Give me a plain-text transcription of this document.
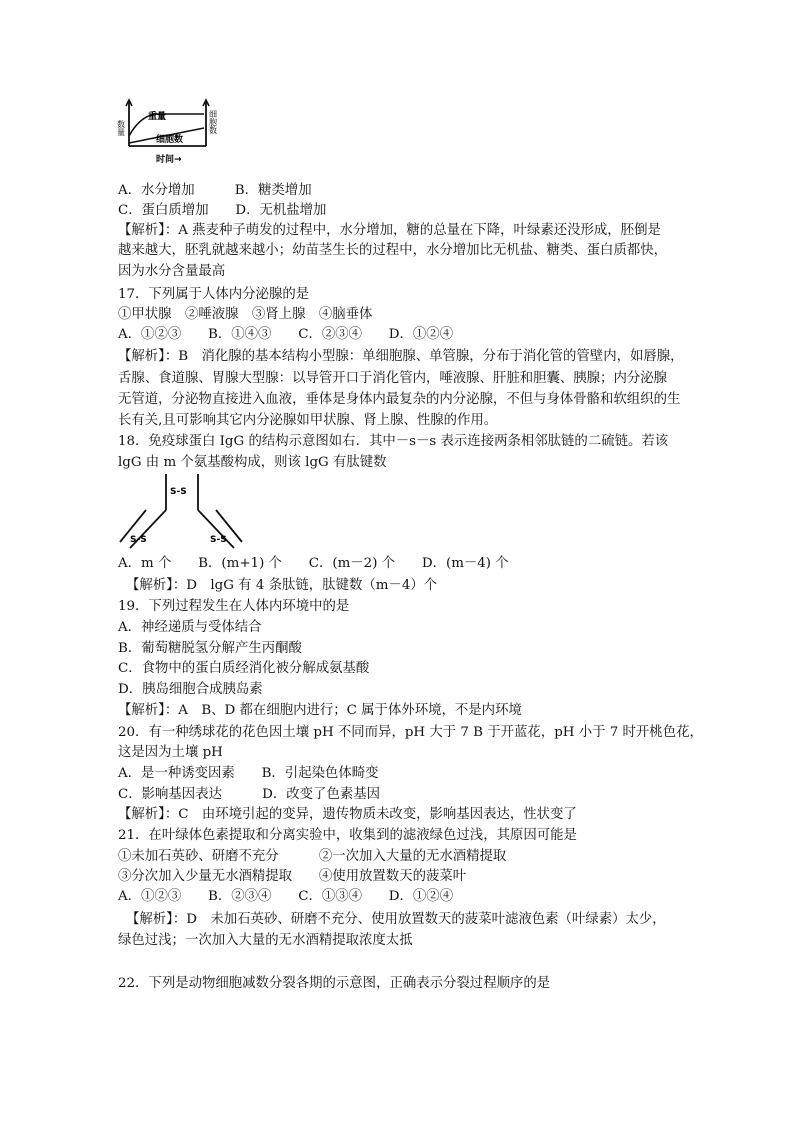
重量
细胞数
数量	细胞数
时间→
A．水分增加　　　B．糖类增加
C．蛋白质增加　　D．无机盐增加
【解析】：A 燕麦种子萌发的过程中，水分增加，糖的总量在下降，叶绿素还没形成，胚倒是
越来越大，胚乳就越来越小；幼苗茎生长的过程中，水分增加比无机盐、糖类、蛋白质都快，
因为水分含量最高
17．下列属于人体内分泌腺的是
①甲状腺　②唾液腺　③肾上腺　④脑垂体
A．①②③　　B．①④③　　C．②③④　　D．①②④
【解析】：B　消化腺的基本结构小型腺：单细胞腺、单管腺，分布于消化管的管壁内，如唇腺，
舌腺、食道腺、胃腺大型腺：以导管开口于消化管内，唾液腺、肝脏和胆囊、胰腺；内分泌腺
无管道，分泌物直接进入血液，垂体是身体内最复杂的内分泌腺，不但与身体骨骼和软组织的生
长有关,且可影响其它内分泌腺如甲状腺、肾上腺、性腺的作用。
18．免疫球蛋白 IgG 的结构示意图如右．其中－s－s 表示连接两条相邻肽链的二硫链。若该
lgG 由 m 个氨基酸构成，则该 lgG 有肽键数
S-S
S-S	S-S
A．m 个　　B．(m+1) 个　　C．(m－2) 个　　D．(m－4) 个
【解析】：D　lgG 有 4 条肽链，肽键数（m－4）个
19．下列过程发生在人体内环境中的是
A．神经递质与受体结合
B．葡萄糖脱氢分解产生丙酮酸
C．食物中的蛋白质经消化被分解成氨基酸
D．胰岛细胞合成胰岛素
【解析】：A　B、D 都在细胞内进行；C 属于体外环境，不是内环境
20．有一种绣球花的花色因土壤 pH 不同而异，pH 大于 7 B 于开蓝花，pH 小于 7 时开桃色花，
这是因为土壤 pH
A．是一种诱变因素　　B．引起染色体畸变
C．影响基因表达　　　D．改变了色素基因
【解析】：C　由环境引起的变异，遗传物质未改变，影响基因表达，性状变了
21．在叶绿体色素提取和分离实验中，收集到的滤液绿色过浅，其原因可能是
①未加石英砂、研磨不充分　　　②一次加入大量的无水酒精提取
③分次加入少量无水酒精提取　　④使用放置数天的菠菜叶
A．①②③　　B．②③④　　C．①③④　　D．①②④
【解析】：D　未加石英砂、研磨不充分、使用放置数天的菠菜叶滤液色素（叶绿素）太少，
绿色过浅；一次加入大量的无水酒精提取浓度太抵
22．下列是动物细胞减数分裂各期的示意图，正确表示分裂过程顺序的是
